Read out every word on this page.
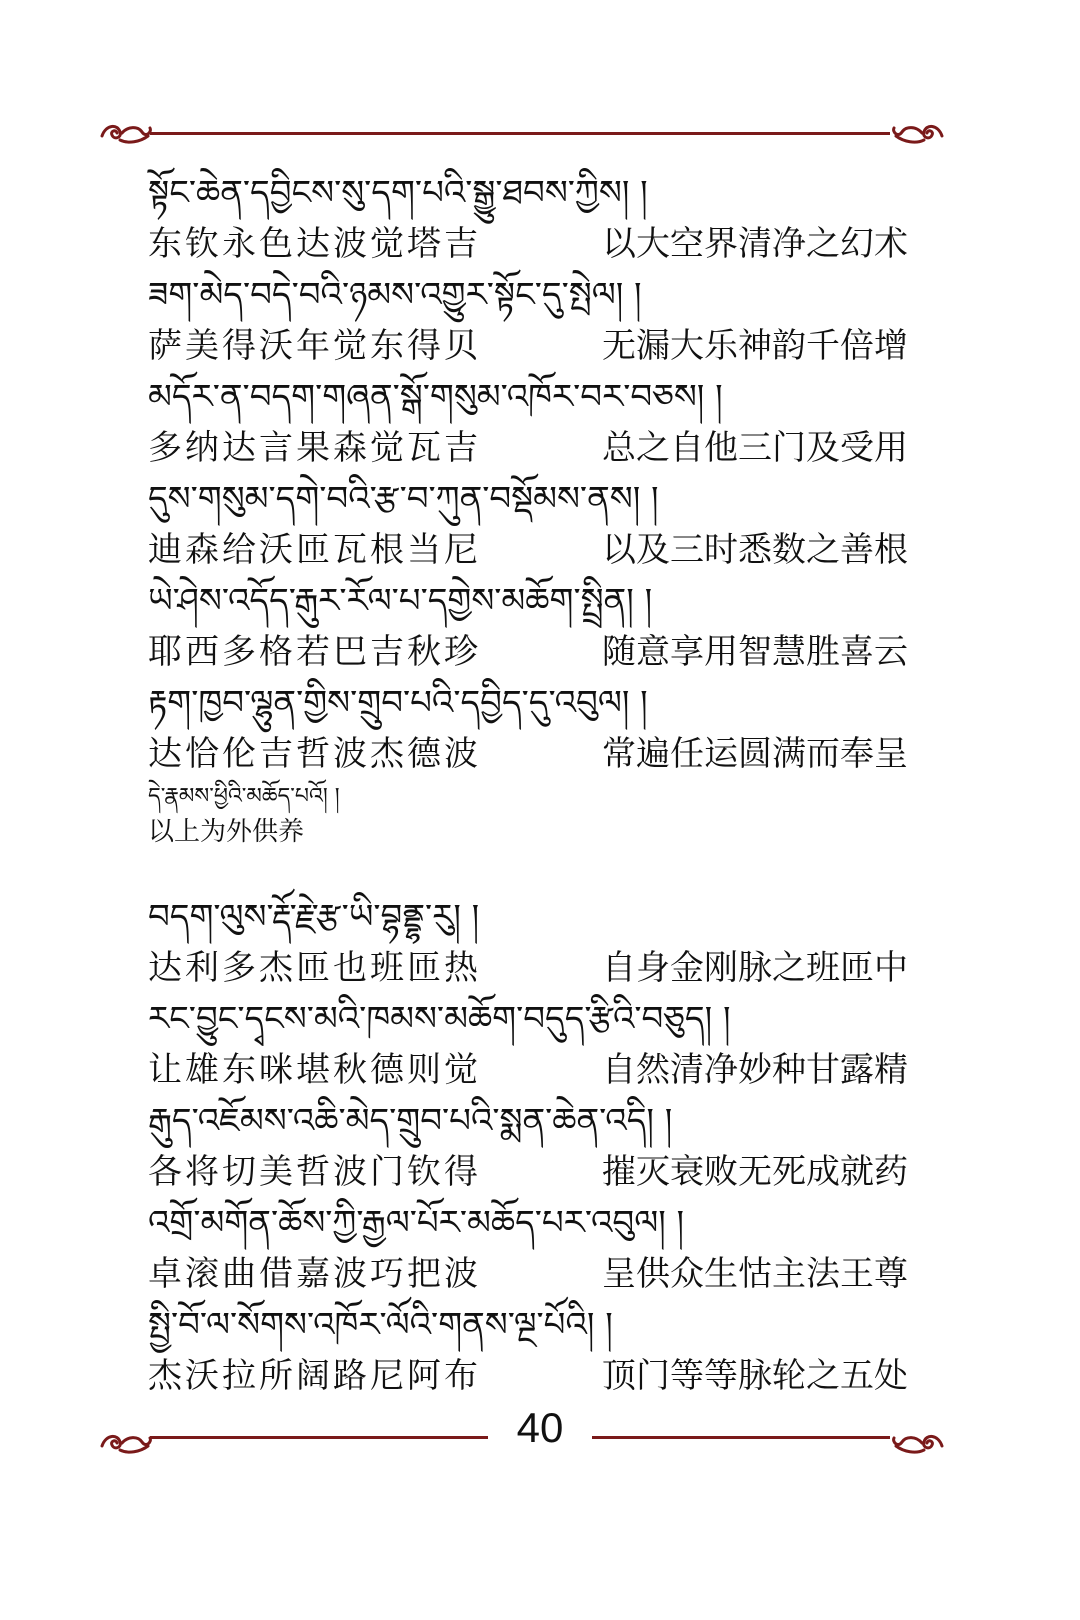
སྟོང་ཆེན་དབྱིངས་སུ་དག་པའི་སྒྱུ་ཐབས་ཀྱིས། །
东钦永色达波觉塔吉	以大空界清净之幻术
ཟག་མེད་བདེ་བའི་ཉམས་འགྱུར་སྟོང་དུ་སྤེལ། །
萨美得沃年觉东得贝	无漏大乐神韵千倍增
མདོར་ན་བདག་གཞན་སྒོ་གསུམ་འཁོར་བར་བཅས། །
多纳达言果森觉瓦吉	总之自他三门及受用
དུས་གསུམ་དགེ་བའི་རྩ་བ་ཀུན་བསྡོམས་ནས། །
迪森给沃匝瓦根当尼	以及三时悉数之善根
ཡེ་ཤེས་འདོད་རྒུར་རོལ་པ་དགྱེས་མཆོག་སྤྲིན། །
耶西多格若巴吉秋珍	随意享用智慧胜喜云
རྟག་ཁྱབ་ལྷུན་གྱིས་གྲུབ་པའི་དབྱིད་དུ་འབུལ། །
达恰伦吉哲波杰德波	常遍任运圆满而奉呈
དེ་རྣམས་ཕྱིའི་མཆོད་པའོ། །
以上为外供养
བདག་ལུས་རྡོ་རྗེ་རྩ་ཡི་བྷནྡྷ་རུ། །
达利多杰匝也班匝热	自身金刚脉之班匝中
རང་བྱུང་དྭངས་མའི་ཁམས་མཆོག་བདུད་རྩིའི་བཅུད། །
让雄东咪堪秋德则觉	自然清净妙种甘露精
རྒུད་འཇོམས་འཆི་མེད་གྲུབ་པའི་སྨན་ཆེན་འདི། །
各将切美哲波门钦得	摧灭衰败无死成就药
འགྲོ་མགོན་ཆོས་ཀྱི་རྒྱལ་པོར་མཆོད་པར་འབུལ། །
卓滚曲借嘉波巧把波	呈供众生怙主法王尊
སྤྱི་བོ་ལ་སོགས་འཁོར་ལོའི་གནས་ལྔ་པོའི། །
杰沃拉所阔路尼阿布	顶门等等脉轮之五处
40
